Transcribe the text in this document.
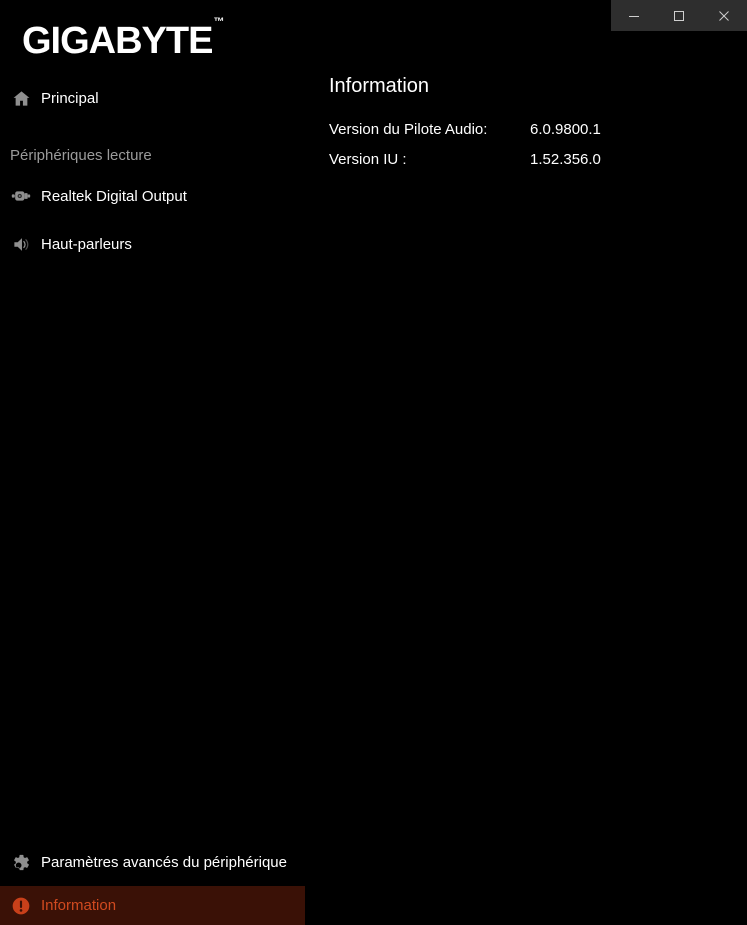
GIGABYTE™
Principal
Périphériques lecture
Realtek Digital Output
Haut-parleurs
Paramètres avancés du périphérique
Information
Information
Version du Pilote Audio:	6.0.9800.1
Version IU :	1.52.356.0
